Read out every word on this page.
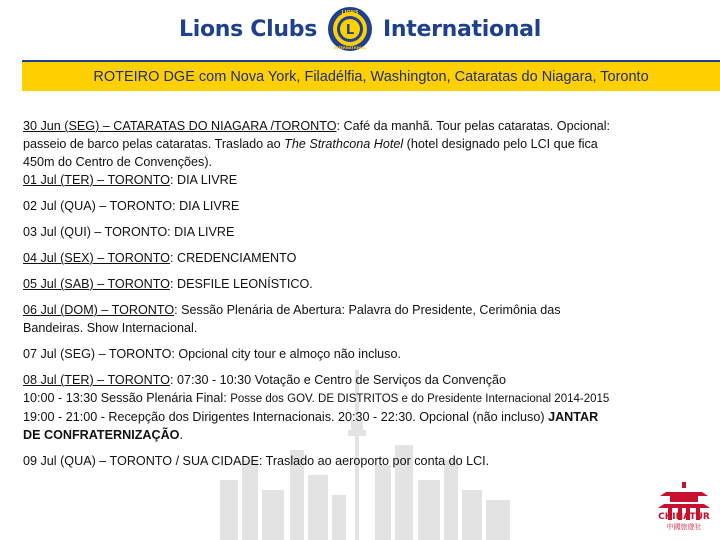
Lions Clubs L
LIONS
INTERNATIONAL
International
ROTEIRO DGE com Nova York, Filadélfia, Washington, Cataratas do Niagara, Toronto
30 Jun (SEG) – CATARATAS DO NIAGARA /TORONTO: Café da manhã. Tour pelas cataratas. Opcional:
passeio de barco pelas cataratas. Traslado ao The Strathcona Hotel (hotel designado pelo LCI que fica
450m do Centro de Convenções).
01 Jul (TER) – TORONTO: DIA LIVRE
02 Jul (QUA) – TORONTO: DIA LIVRE
03 Jul (QUI) – TORONTO: DIA LIVRE
04 Jul (SEX) – TORONTO: CREDENCIAMENTO
05 Jul (SAB) – TORONTO: DESFILE LEONÍSTICO.
06 Jul (DOM) – TORONTO: Sessão Plenária de Abertura: Palavra do Presidente, Cerimônia das
Bandeiras. Show Internacional.
07 Jul (SEG) – TORONTO: Opcional city tour e almoço não incluso.
08 Jul (TER) – TORONTO: 07:30 - 10:30 Votação e Centro de Serviços da Convenção
10:00 - 13:30 Sessão Plenária Final: Posse dos GOV. DE DISTRITOS e do Presidente Internacional 2014-2015
19:00 - 21:00 - Recepção dos Dirigentes Internacionais. 20:30 - 22:30. Opcional (não incluso) JANTAR
DE CONFRATERNIZAÇÃO.
09 Jul (QUA) – TORONTO / SUA CIDADE: Traslado ao aeroporto por conta do LCI.
CHINATUR
中國旅遊社
